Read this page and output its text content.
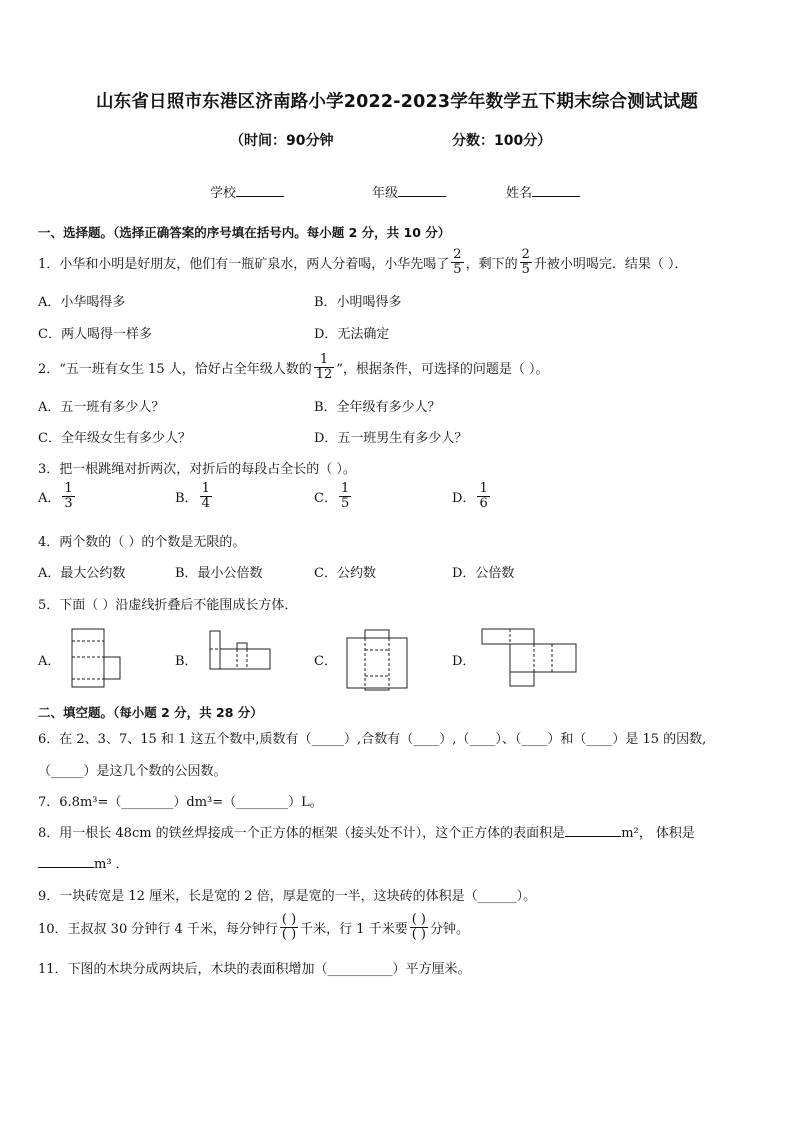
山东省日照市东港区济南路小学2022-2023学年数学五下期末综合测试试题
（时间：90分钟	分数：100分）
学校	年级	姓名
一、选择题。（选择正确答案的序号填在括号内。每小题 2 分，共 10 分）
1．小华和小明是好朋友，他们有一瓶矿泉水，两人分着喝，小华先喝了 $\frac{2}{5}$ ，剩下的 $\frac{2}{5}$ 升被小明喝完．结果（ ）．
A．小华喝得多	B．小明喝得多
C．两人喝得一样多	D．无法确定
2．“五一班有女生 15 人，恰好占全年级人数的 $\frac{1}{12}$ ”，根据条件，可选择的问题是（ ）。
A．五一班有多少人？	B．全年级有多少人？
C．全年级女生有多少人？	D．五一班男生有多少人？
3．把一根跳绳对折两次，对折后的每段占全长的（ ）。
A． $\frac{1}{3}$	B． $\frac{1}{4}$	C． $\frac{1}{5}$	D． $\frac{1}{6}$
4．两个数的（ ）的个数是无限的。
A．最大公约数	B．最小公倍数	C．公约数	D．公倍数
5．下面（ ）沿虚线折叠后不能围成长方体．
A．	B．	C．	D．
二、填空题。（每小题 2 分，共 28 分）
6．在 2、3、7、15 和 1 这五个数中,质数有（_____）,合数有（____）,（____）、（____）和（____）是 15 的因数,
（_____）是这几个数的公因数。
7．6.8m³=（________）dm³=（________）L。
8．用一根长 48cm 的铁丝焊接成一个正方体的框架（接头处不计），这个正方体的表面积是	m²， 体积是
m³ ．
9．一块砖宽是 12 厘米，长是宽的 2 倍，厚是宽的一半，这块砖的体积是（______）。
10．王叔叔 30 分钟行 4 千米，每分钟行 $\frac{( )}{( )}$ 千米，行 1 千米要 $\frac{( )}{( )}$ 分钟。
11．下图的木块分成两块后，木块的表面积增加（__________）平方厘米。
